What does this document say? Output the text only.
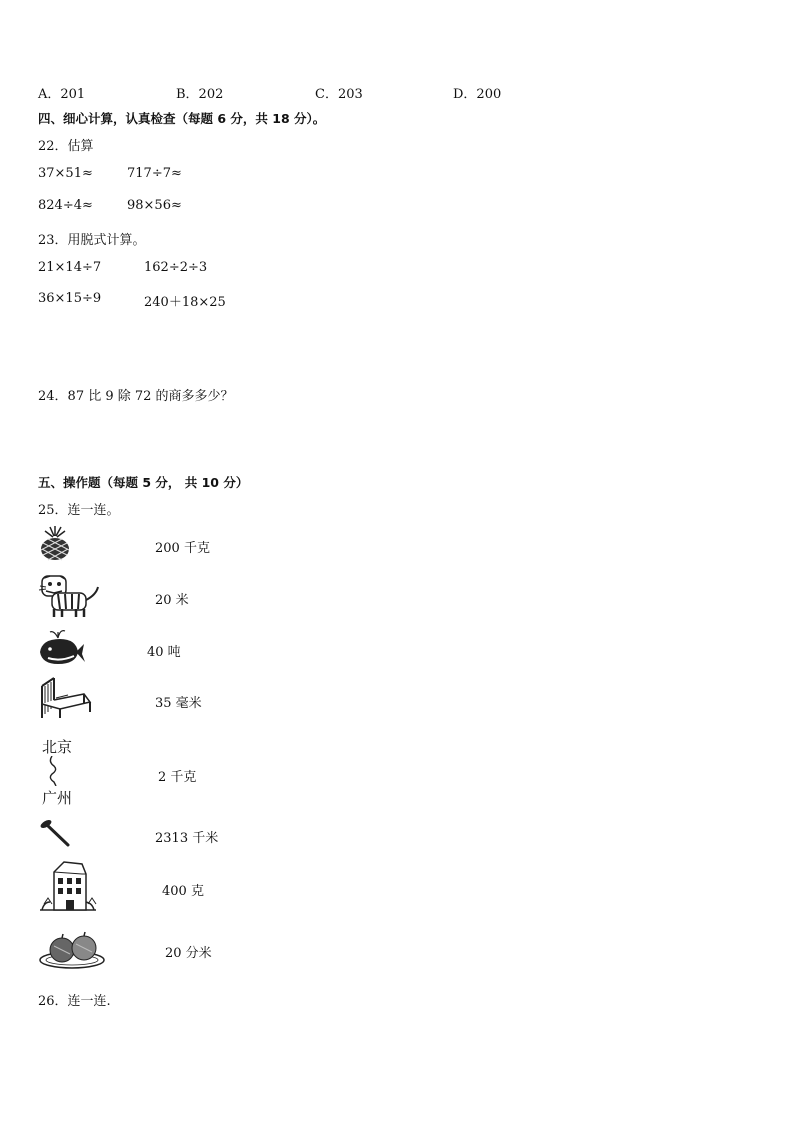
A．201	B．202	C．203	D．200
四、细心计算，认真检查（每题 6 分，共 18 分）。
22．估算
37×51≈	717÷7≈
824÷4≈	98×56≈
23．用脱式计算。
21×14÷7	162÷2÷3
36×15÷9	240＋18×25
24．87 比 9 除 72 的商多多少？
五、操作题（每题 5 分， 共 10 分）
25．连一连。
北京
广州
200 千克
20 米
40 吨
35 毫米
2 千克
2313 千米
400 克
20 分米
26．连一连.
